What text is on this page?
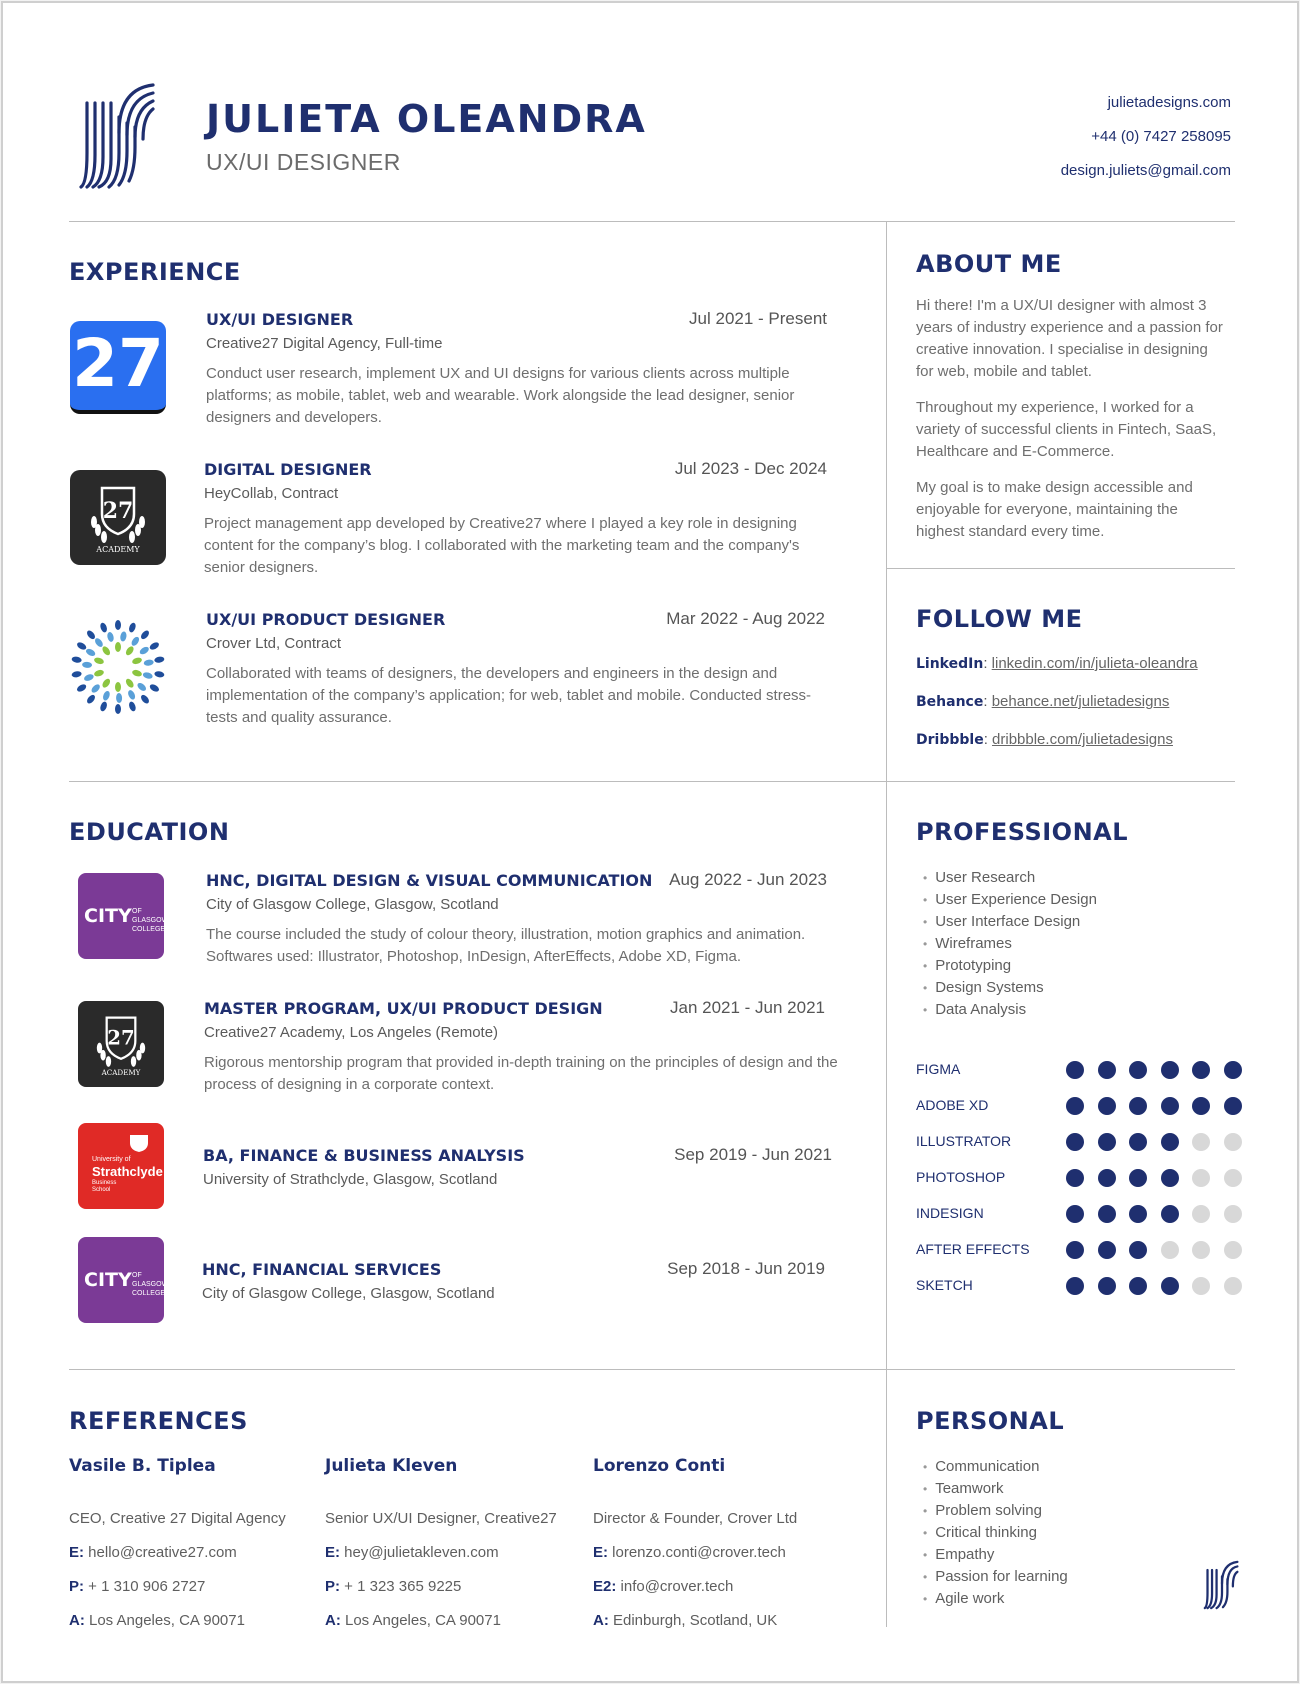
JULIETA OLEANDRA
UX/UI DESIGNER
julietadesigns.com
+44 (0) 7427 258095
design.juliets@gmail.com
EXPERIENCE
27
UX/UI DESIGNER	Jul 2021 - Present
Creative27 Digital Agency, Full-time
Conduct user research, implement UX and UI designs for various clients across multiple platforms; as mobile, tablet, web and wearable. Work alongside the lead designer, senior designers and developers.
27
ACADEMY
DIGITAL DESIGNER	Jul 2023 - Dec 2024
HeyCollab, Contract
Project management app developed by Creative27 where I played a key role in designing content for the company’s blog. I collaborated with the marketing team and the company's senior designers.
UX/UI PRODUCT DESIGNER	Mar 2022 - Aug 2022
Crover Ltd, Contract
Collaborated with teams of designers, the developers and engineers in the design and implementation of the company’s application; for web, tablet and mobile. Conducted stress-tests and quality assurance.
EDUCATION
CITY OF GLASGOW
COLLEGE
HNC, DIGITAL DESIGN & VISUAL COMMUNICATION Aug 2022 - Jun 2023
City of Glasgow College, Glasgow, Scotland
The course included the study of colour theory, illustration, motion graphics and animation. Softwares used: Illustrator, Photoshop, InDesign, AfterEffects, Adobe XD, Figma.
27
ACADEMY
MASTER PROGRAM, UX/UI PRODUCT DESIGN	Jan 2021 - Jun 2021
Creative27 Academy, Los Angeles (Remote)
Rigorous mentorship program that provided in-depth training on the principles of design and the process of designing in a corporate context.
University of
Strathclyde
Business
School
BA, FINANCE & BUSINESS ANALYSIS	Sep 2019 - Jun 2021
University of Strathclyde, Glasgow, Scotland
CITY OF GLASGOW
COLLEGE
HNC, FINANCIAL SERVICES	Sep 2018 - Jun 2019
City of Glasgow College, Glasgow, Scotland
ABOUT ME

Hi there! I'm a UX/UI designer with almost 3 years of industry experience and a passion for creative innovation. I specialise in designing for web, mobile and tablet.

Throughout my experience, I worked for a variety of successful clients in Fintech, SaaS, Healthcare and E-Commerce.

My goal is to make design accessible and enjoyable for everyone, maintaining the highest standard every time.

FOLLOW ME
LinkedIn: linkedin.com/in/julieta-oleandra
Behance: behance.net/julietadesigns
Dribbble: dribbble.com/julietadesigns
PROFESSIONAL
• User Research
• User Experience Design
• User Interface Design
• Wireframes
• Prototyping
• Design Systems
• Data Analysis
REFERENCES
Vasile B. Tiplea
CEO, Creative 27 Digital Agency
E: hello@creative27.com
P: + 1 310 906 2727
A: Los Angeles, CA 90071
Julieta Kleven
Senior UX/UI Designer, Creative27
E: hey@julietakleven.com
P: + 1 323 365 9225
A: Los Angeles, CA 90071
Lorenzo Conti
Director & Founder, Crover Ltd
E: lorenzo.conti@crover.tech
E2: info@crover.tech
A: Edinburgh, Scotland, UK
PERSONAL
• Communication
• Teamwork
• Problem solving
• Critical thinking
• Empathy
• Passion for learning
• Agile work
FIGMA
ADOBE XD
ILLUSTRATOR
PHOTOSHOP
INDESIGN
AFTER EFFECTS
SKETCH
